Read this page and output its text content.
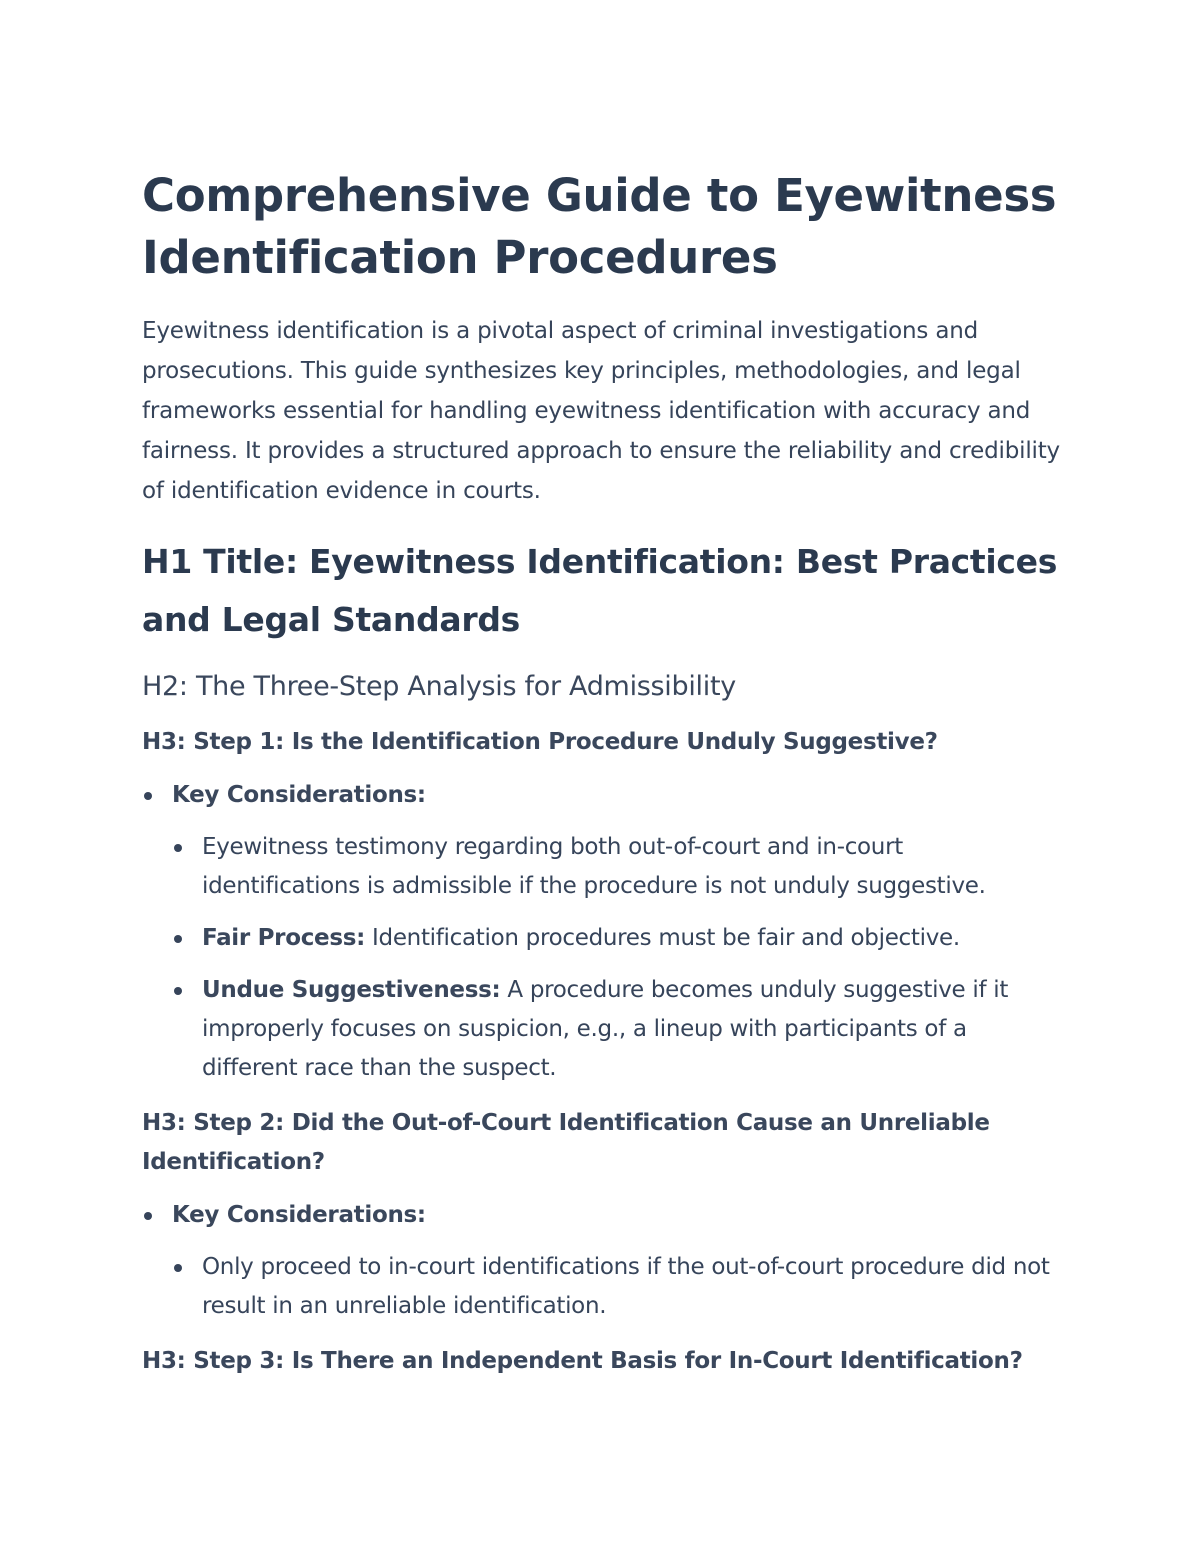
Comprehensive Guide to Eyewitness Identification Procedures

Eyewitness identification is a pivotal aspect of criminal investigations and prosecutions. This guide synthesizes key principles, methodologies, and legal frameworks essential for handling eyewitness identification with accuracy and fairness. It provides a structured approach to ensure the reliability and credibility of identification evidence in courts.

H1 Title: Eyewitness Identification: Best Practices and Legal Standards
H2: The Three-Step Analysis for Admissibility
H3: Step 1: Is the Identification Procedure Unduly Suggestive?
Key Considerations:
Eyewitness testimony regarding both out-of-court and in-court identifications is admissible if the procedure is not unduly suggestive.
Fair Process: Identification procedures must be fair and objective.
Undue Suggestiveness: A procedure becomes unduly suggestive if it improperly focuses on suspicion, e.g., a lineup with participants of a different race than the suspect.
H3: Step 2: Did the Out-of-Court Identification Cause an Unreliable Identification?
Key Considerations:
Only proceed to in-court identifications if the out-of-court procedure did not result in an unreliable identification.
H3: Step 3: Is There an Independent Basis for In-Court Identification?
